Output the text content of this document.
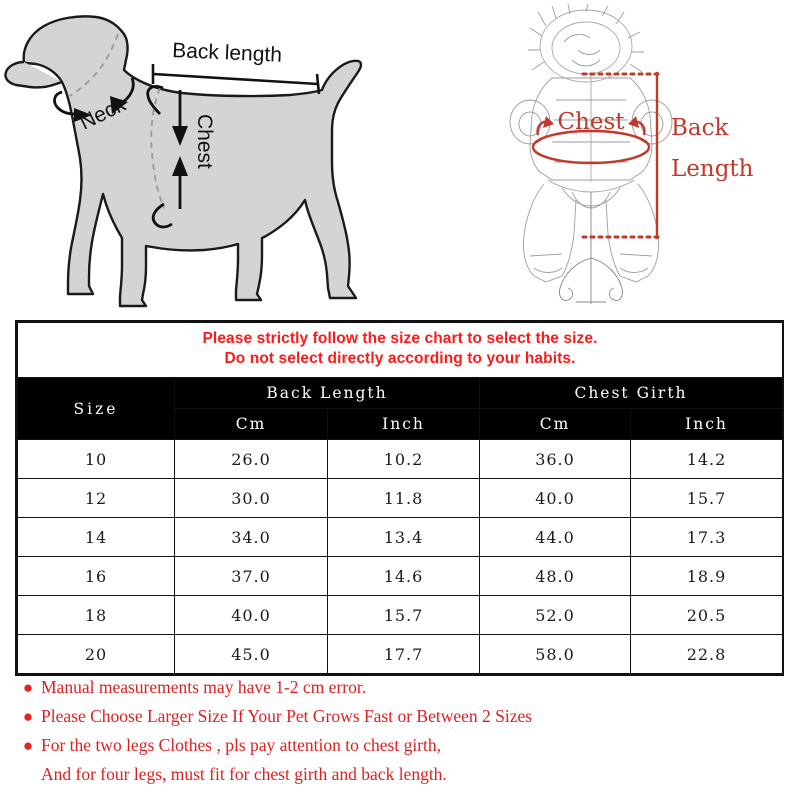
Back length
Neck
Chest	Chest Back
Length
Please strictly follow the size chart to select the size.
Do not select directly according to your habits.				

Size	Back Length		Chest Girth	
	Cm	Inch	Cm	Inch
10	26.0	10.2	36.0	14.2
12	30.0	11.8	40.0	15.7
14	34.0	13.4	44.0	17.3
16	37.0	14.6	48.0	18.9
18	40.0	15.7	52.0	20.5
20	45.0	17.7	58.0	22.8
● Manual measurements may have 1-2 cm error.
● Please Choose Larger Size If Your Pet Grows Fast or Between 2 Sizes
● For the two legs Clothes , pls pay attention to chest girth,
And for four legs, must fit for chest girth and back length.
